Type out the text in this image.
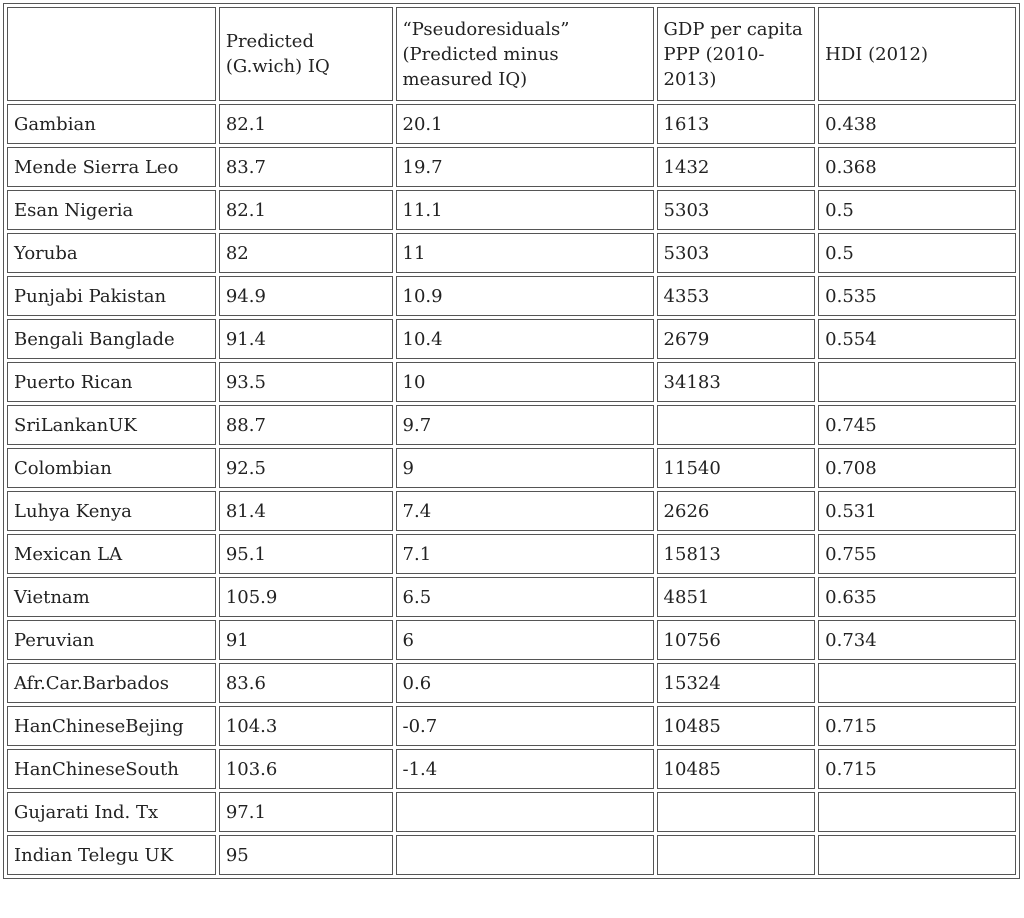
	Predicted (G.wich) IQ	“Pseudoresiduals” (Predicted minus measured IQ)	GDP per capita PPP (2010-2013)	HDI (2012)
Gambian	82.1	20.1	1613	0.438
Mende Sierra Leo	83.7	19.7	1432	0.368
Esan Nigeria	82.1	11.1	5303	0.5
Yoruba	82	11	5303	0.5
Punjabi Pakistan	94.9	10.9	4353	0.535
Bengali Banglade	91.4	10.4	2679	0.554
Puerto Rican	93.5	10	34183	
SriLankanUK	88.7	9.7		0.745
Colombian	92.5	9	11540	0.708
Luhya Kenya	81.4	7.4	2626	0.531
Mexican LA	95.1	7.1	15813	0.755
Vietnam	105.9	6.5	4851	0.635
Peruvian	91	6	10756	0.734
Afr.Car.Barbados	83.6	0.6	15324	
HanChineseBejing	104.3	-0.7	10485	0.715
HanChineseSouth	103.6	-1.4	10485	0.715
Gujarati Ind. Tx	97.1			
Indian Telegu UK	95			
